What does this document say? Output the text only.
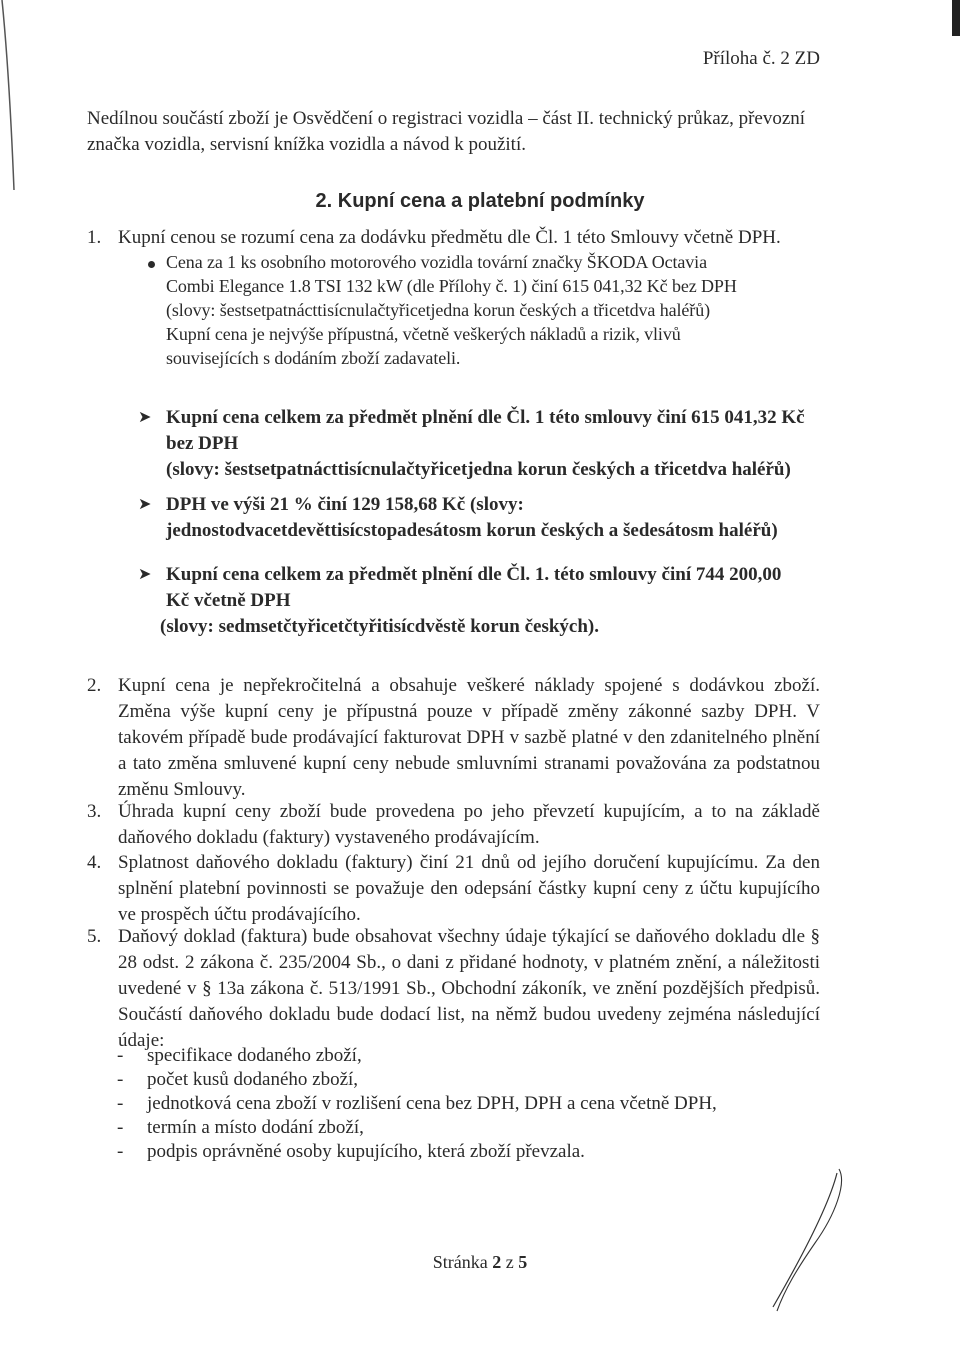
Příloha č. 2 ZD

Nedílnou součástí zboží je Osvědčení o registraci vozidla – část II. technický průkaz, převozní značka vozidla, servisní knížka vozidla a návod k použití.

2. Kupní cena a platební podmínky
1. Kupní cenou se rozumí cena za dodávku předmětu dle Čl. 1 této Smlouvy včetně DPH.

Cena za 1 ks osobního motorového vozidla tovární značky ŠKODA Octavia
Combi Elegance 1.8 TSI 132 kW (dle Přílohy č. 1) činí 615 041,32 Kč bez DPH
(slovy: šestsetpatnácttisícnulačtyřicetjedna korun českých a třicetdva haléřů)
Kupní cena je nejvýše přípustná, včetně veškerých nákladů a rizik, vlivů
souvisejících s dodáním zboží zadavateli.
➤ Kupní cena celkem za předmět plnění dle Čl. 1 této smlouvy činí 615 041,32 Kč
bez DPH
(slovy: šestsetpatnácttisícnulačtyřicetjedna korun českých a třicetdva haléřů)
➤ DPH ve výši 21 % činí 129 158,68 Kč (slovy:
jednostodvacetdevěttisícstopadesátosm korun českých a šedesátosm haléřů)
➤ Kupní cena celkem za předmět plnění dle Čl. 1. této smlouvy činí 744 200,00
Kč včetně DPH
(slovy: sedmsetčtyřicetčtyřitisícdvěstě korun českých).
2. Kupní cena je nepřekročitelná a obsahuje veškeré náklady spojené s dodávkou zboží. Změna výše kupní ceny je přípustná pouze v případě změny zákonné sazby DPH. V takovém případě bude prodávající fakturovat DPH v sazbě platné v den zdanitelného plnění a tato změna smluvené kupní ceny nebude smluvními stranami považována za podstatnou změnu Smlouvy.

3. Úhrada kupní ceny zboží bude provedena po jeho převzetí kupujícím, a to na základě daňového dokladu (faktury) vystaveného prodávajícím.

4. Splatnost daňového dokladu (faktury) činí 21 dnů od jejího doručení kupujícímu. Za den splnění platební povinnosti se považuje den odepsání částky kupní ceny z účtu kupujícího ve prospěch účtu prodávajícího.

5. Daňový doklad (faktura) bude obsahovat všechny údaje týkající se daňového dokladu dle § 28 odst. 2 zákona č. 235/2004 Sb., o dani z přidané hodnoty, v platném znění, a náležitosti uvedené v § 13a zákona č. 513/1991 Sb., Obchodní zákoník, ve znění pozdějších předpisů. Součástí daňového dokladu bude dodací list, na němž budou uvedeny zejména následující údaje:

- specifikace dodaného zboží,
- počet kusů dodaného zboží,
- jednotková cena zboží v rozlišení cena bez DPH, DPH a cena včetně DPH,
- termín a místo dodání zboží,
- podpis oprávněné osoby kupujícího, která zboží převzala.
Stránka 2 z 5
